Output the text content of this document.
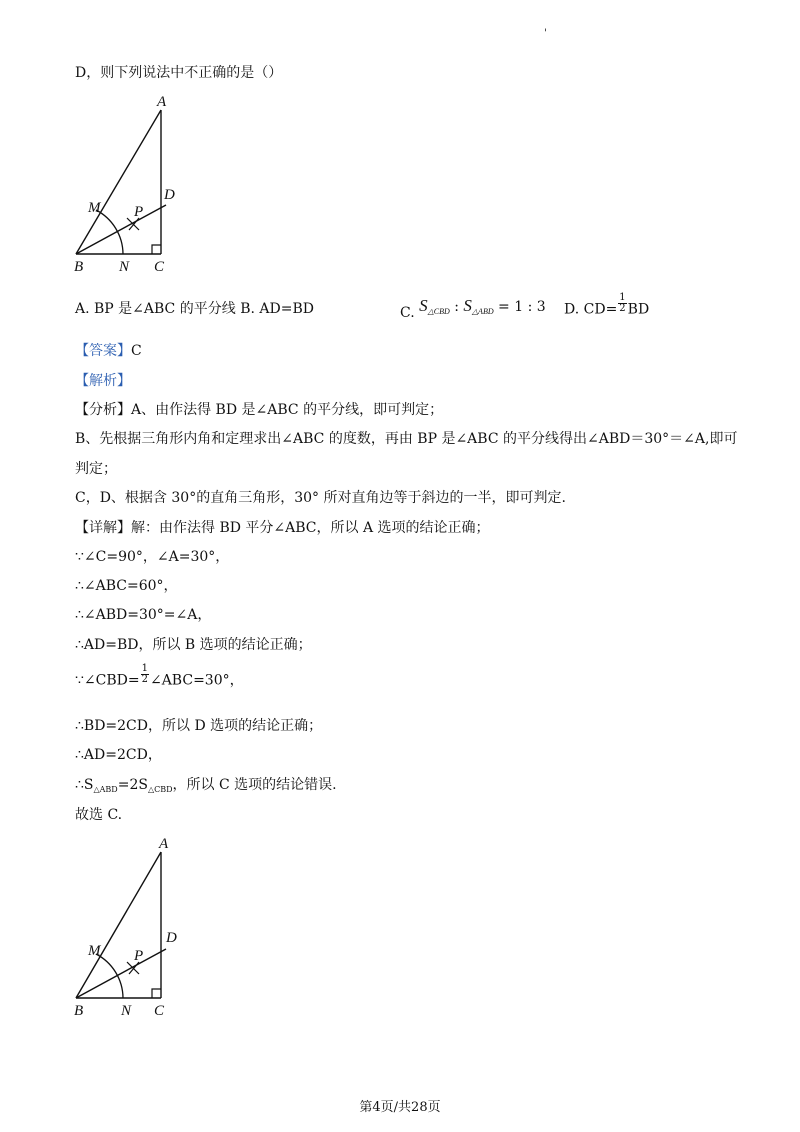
'
D，则下列说法中不正确的是（）
A
D
M P
B N C
A. BP 是∠ABC 的平分线 B. AD=BD	C. $S_{\triangle CBD}$ : $S_{\triangle ABD} = 1$ : 3 D. $CD= \frac{1}{2}$ BD
【答案】C
【解析】
【分析】A、由作法得 BD 是∠ABC 的平分线，即可判定；
B、先根据三角形内角和定理求出∠ABC 的度数，再由 BP 是∠ABC 的平分线得出∠ABD＝30°＝∠A,即可
判定；
C，D、根据含 30°的直角三角形，30° 所对直角边等于斜边的一半，即可判定.
【详解】解：由作法得 BD 平分∠ABC，所以 A 选项的结论正确；
∵∠C=90°，∠A=30°，
∴∠ABC=60°，
∴∠ABD=30°=∠A，
∴AD=BD，所以 B 选项的结论正确；
∵∠CBD= $\frac{1}{2}$ ∠ABC=30°，
∴BD=2CD，所以 D 选项的结论正确；
∴AD=2CD，
$\therefore S_{\triangle ABD}=2S_{\triangle CBD}$，所以 C 选项的结论错误.
故选 C.
A
D
M P
B	N C
第4页/共28页
